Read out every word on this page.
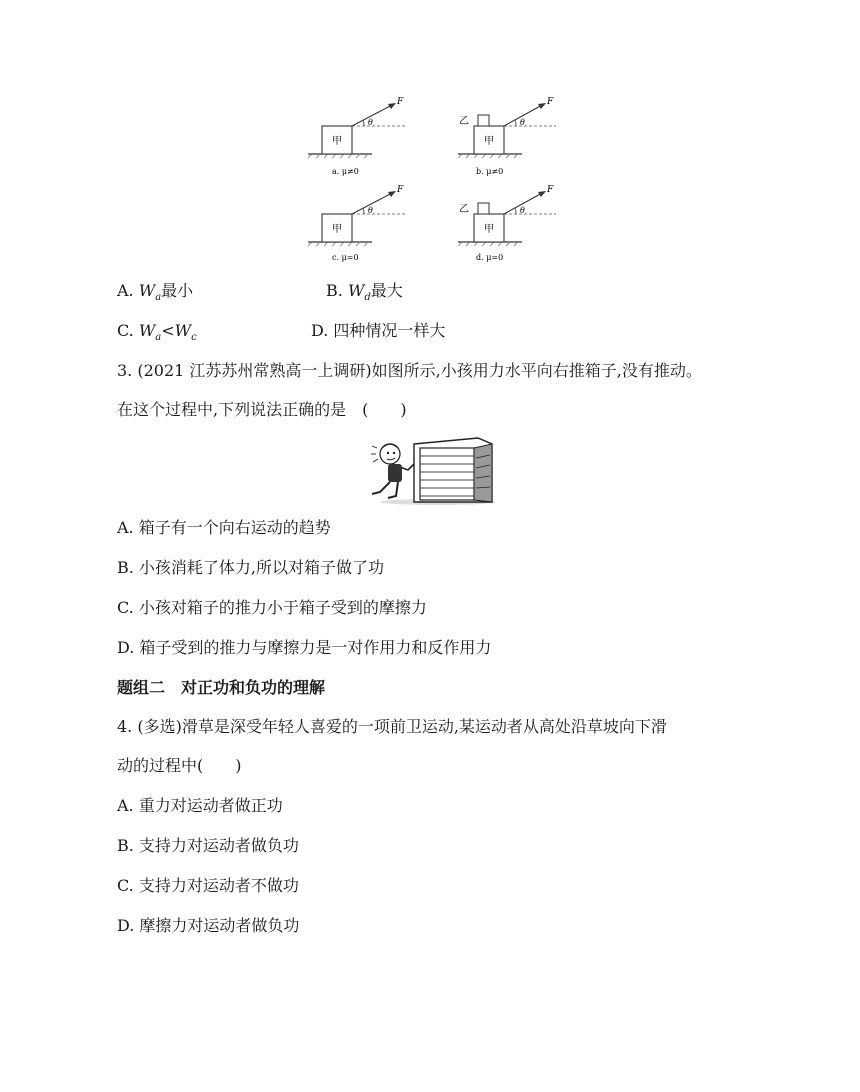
甲
θ
F
a. μ≠0
乙
甲
θ
F
b. μ≠0
甲
θ
F
c. μ=0
乙
甲
θ
F
d. μ=0
A. $W_a$最小	B. $W_d$最大
C. $W_a<W_c$	D. 四种情况一样大
3. (2021 江苏苏州常熟高一上调研)如图所示,小孩用力水平向右推箱子,没有推动。
在这个过程中,下列说法正确的是　(　　)
A. 箱子有一个向右运动的趋势
B. 小孩消耗了体力,所以对箱子做了功
C. 小孩对箱子的推力小于箱子受到的摩擦力
D. 箱子受到的推力与摩擦力是一对作用力和反作用力
题组二　对正功和负功的理解
4. (多选)滑草是深受年轻人喜爱的一项前卫运动,某运动者从高处沿草坡向下滑
动的过程中(　　)
A. 重力对运动者做正功
B. 支持力对运动者做负功
C. 支持力对运动者不做功
D. 摩擦力对运动者做负功
